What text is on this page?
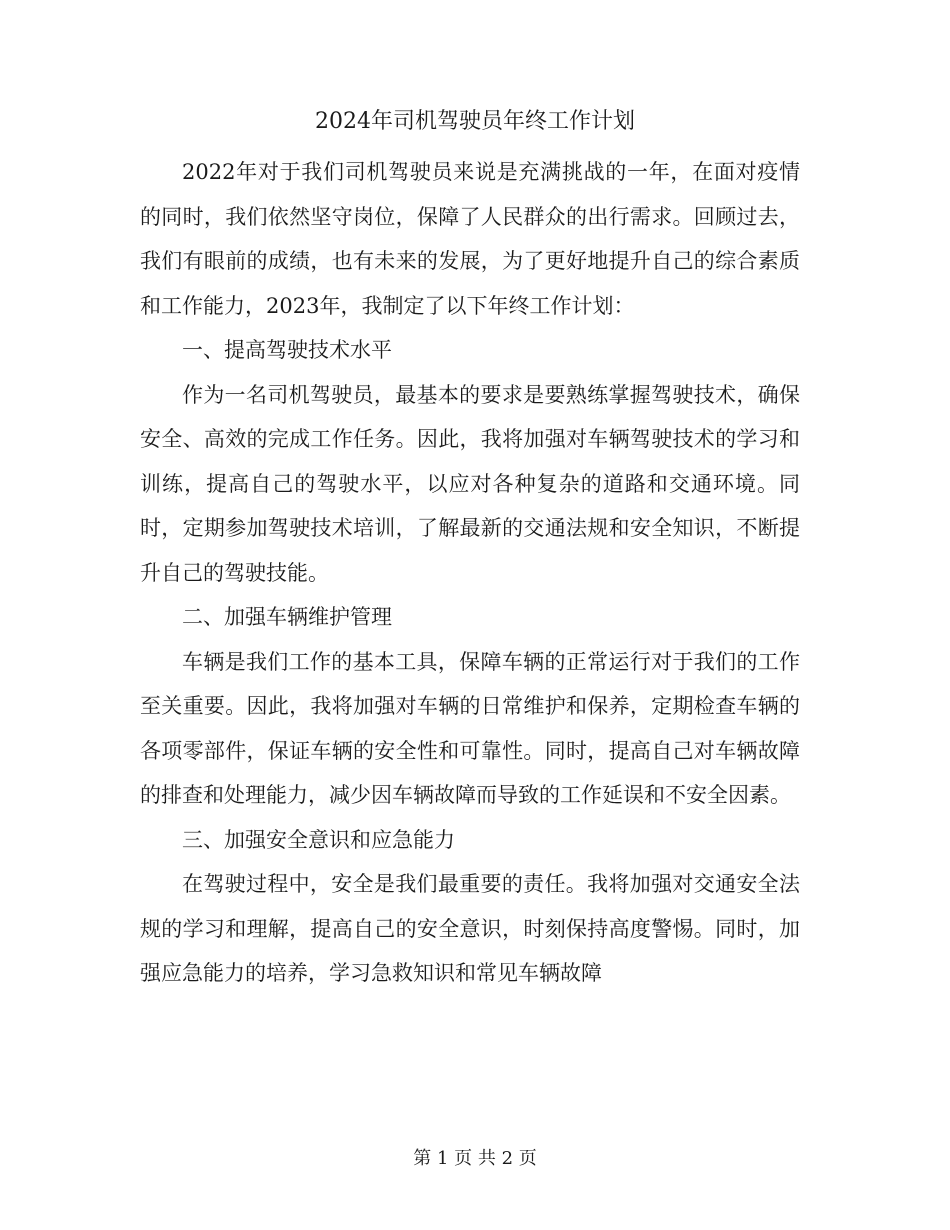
2024年司机驾驶员年终工作计划

2022年对于我们司机驾驶员来说是充满挑战的一年，在面对疫情的同时，我们依然坚守岗位，保障了人民群众的出行需求。回顾过去，我们有眼前的成绩，也有未来的发展，为了更好地提升自己的综合素质和工作能力，2023年，我制定了以下年终工作计划：

一、提高驾驶技术水平

作为一名司机驾驶员，最基本的要求是要熟练掌握驾驶技术，确保安全、高效的完成工作任务。因此，我将加强对车辆驾驶技术的学习和训练，提高自己的驾驶水平，以应对各种复杂的道路和交通环境。同时，定期参加驾驶技术培训，了解最新的交通法规和安全知识，不断提升自己的驾驶技能。

二、加强车辆维护管理

车辆是我们工作的基本工具，保障车辆的正常运行对于我们的工作至关重要。因此，我将加强对车辆的日常维护和保养，定期检查车辆的各项零部件，保证车辆的安全性和可靠性。同时，提高自己对车辆故障的排查和处理能力，减少因车辆故障而导致的工作延误和不安全因素。

三、加强安全意识和应急能力

在驾驶过程中，安全是我们最重要的责任。我将加强对交通安全法规的学习和理解，提高自己的安全意识，时刻保持高度警惕。同时，加强应急能力的培养，学习急救知识和常见车辆故障

第 1 页 共 2 页
